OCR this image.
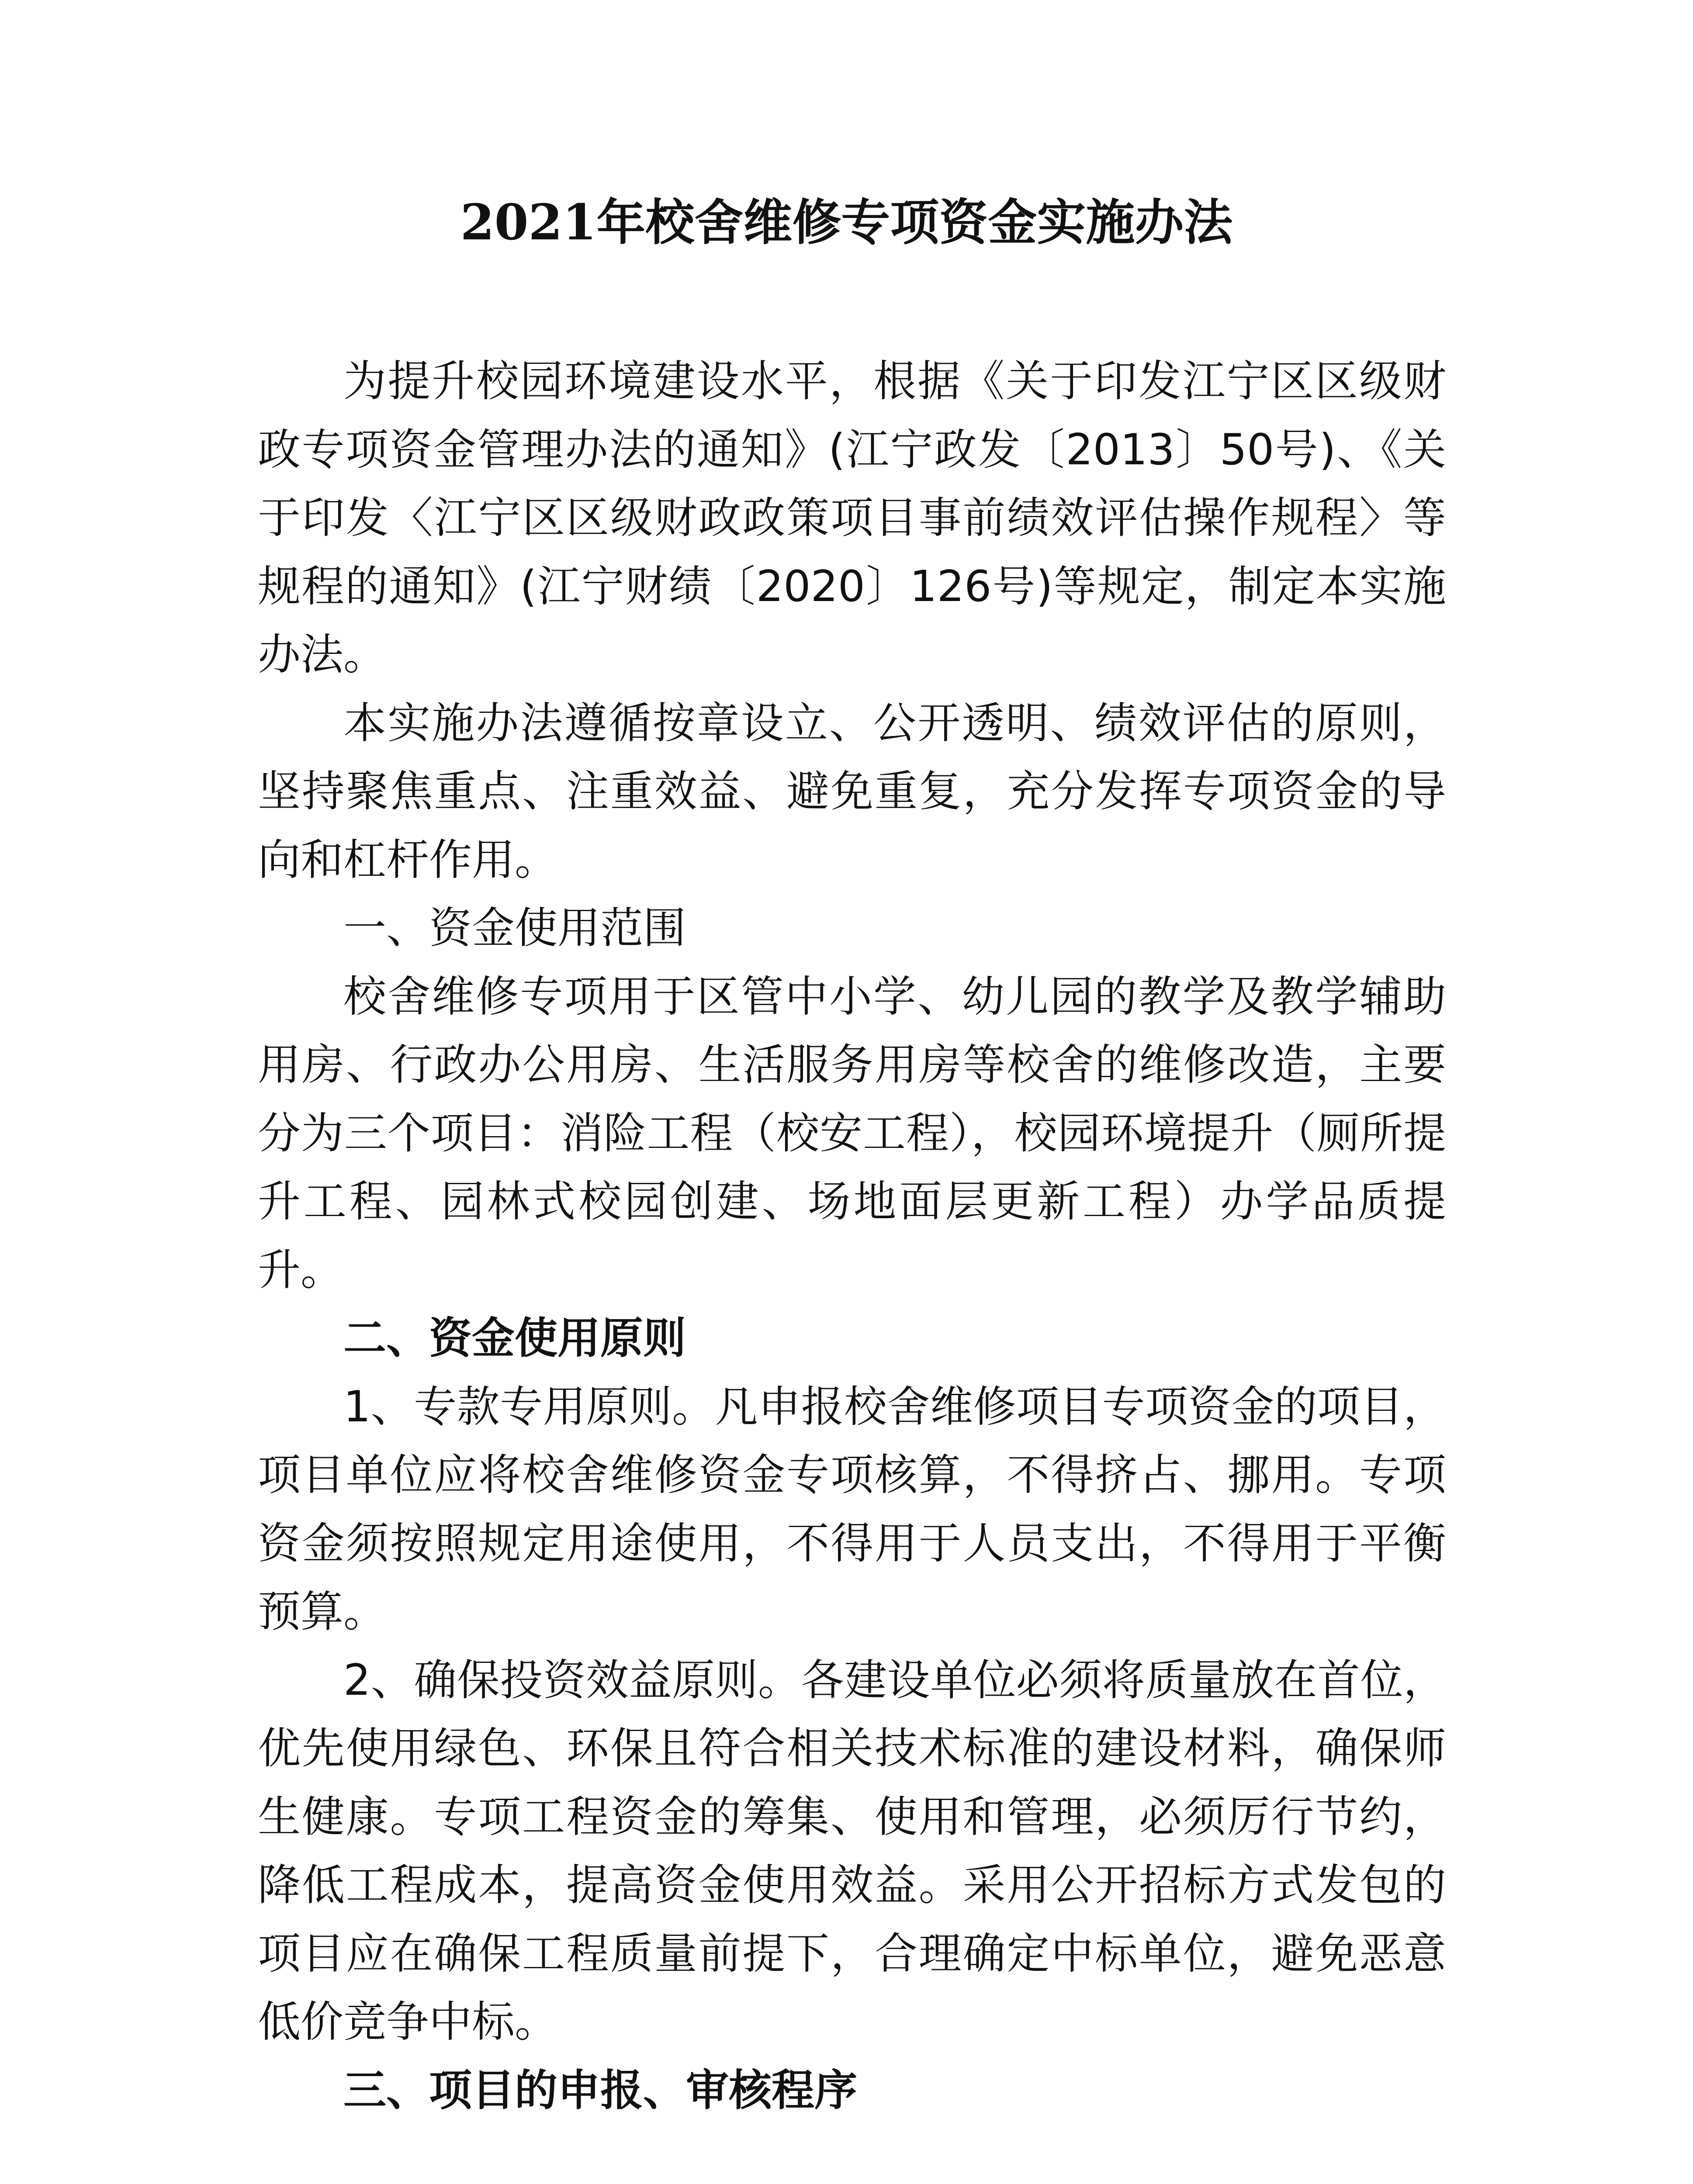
2021年校舍维修专项资金实施办法

为提升校园环境建设水平，根据《关于印发江宁区区级财政专项资金管理办法的通知》(江宁政发〔2013〕50号)、《关于印发〈江宁区区级财政政策项目事前绩效评估操作规程〉等规程的通知》(江宁财绩〔2020〕126号)等规定，制定本实施办法。

本实施办法遵循按章设立、公开透明、绩效评估的原则，坚持聚焦重点、注重效益、避免重复，充分发挥专项资金的导向和杠杆作用。

一、资金使用范围

校舍维修专项用于区管中小学、幼儿园的教学及教学辅助用房、行政办公用房、生活服务用房等校舍的维修改造，主要分为三个项目：消险工程（校安工程），校园环境提升（厕所提升工程、园林式校园创建、场地面层更新工程）办学品质提升。

二、资金使用原则

1、专款专用原则。凡申报校舍维修项目专项资金的项目，项目单位应将校舍维修资金专项核算，不得挤占、挪用。专项资金须按照规定用途使用，不得用于人员支出，不得用于平衡预算。

2、确保投资效益原则。各建设单位必须将质量放在首位，优先使用绿色、环保且符合相关技术标准的建设材料，确保师生健康。专项工程资金的筹集、使用和管理，必须厉行节约，降低工程成本，提高资金使用效益。采用公开招标方式发包的项目应在确保工程质量前提下，合理确定中标单位，避免恶意低价竞争中标。

三、项目的申报、审核程序
